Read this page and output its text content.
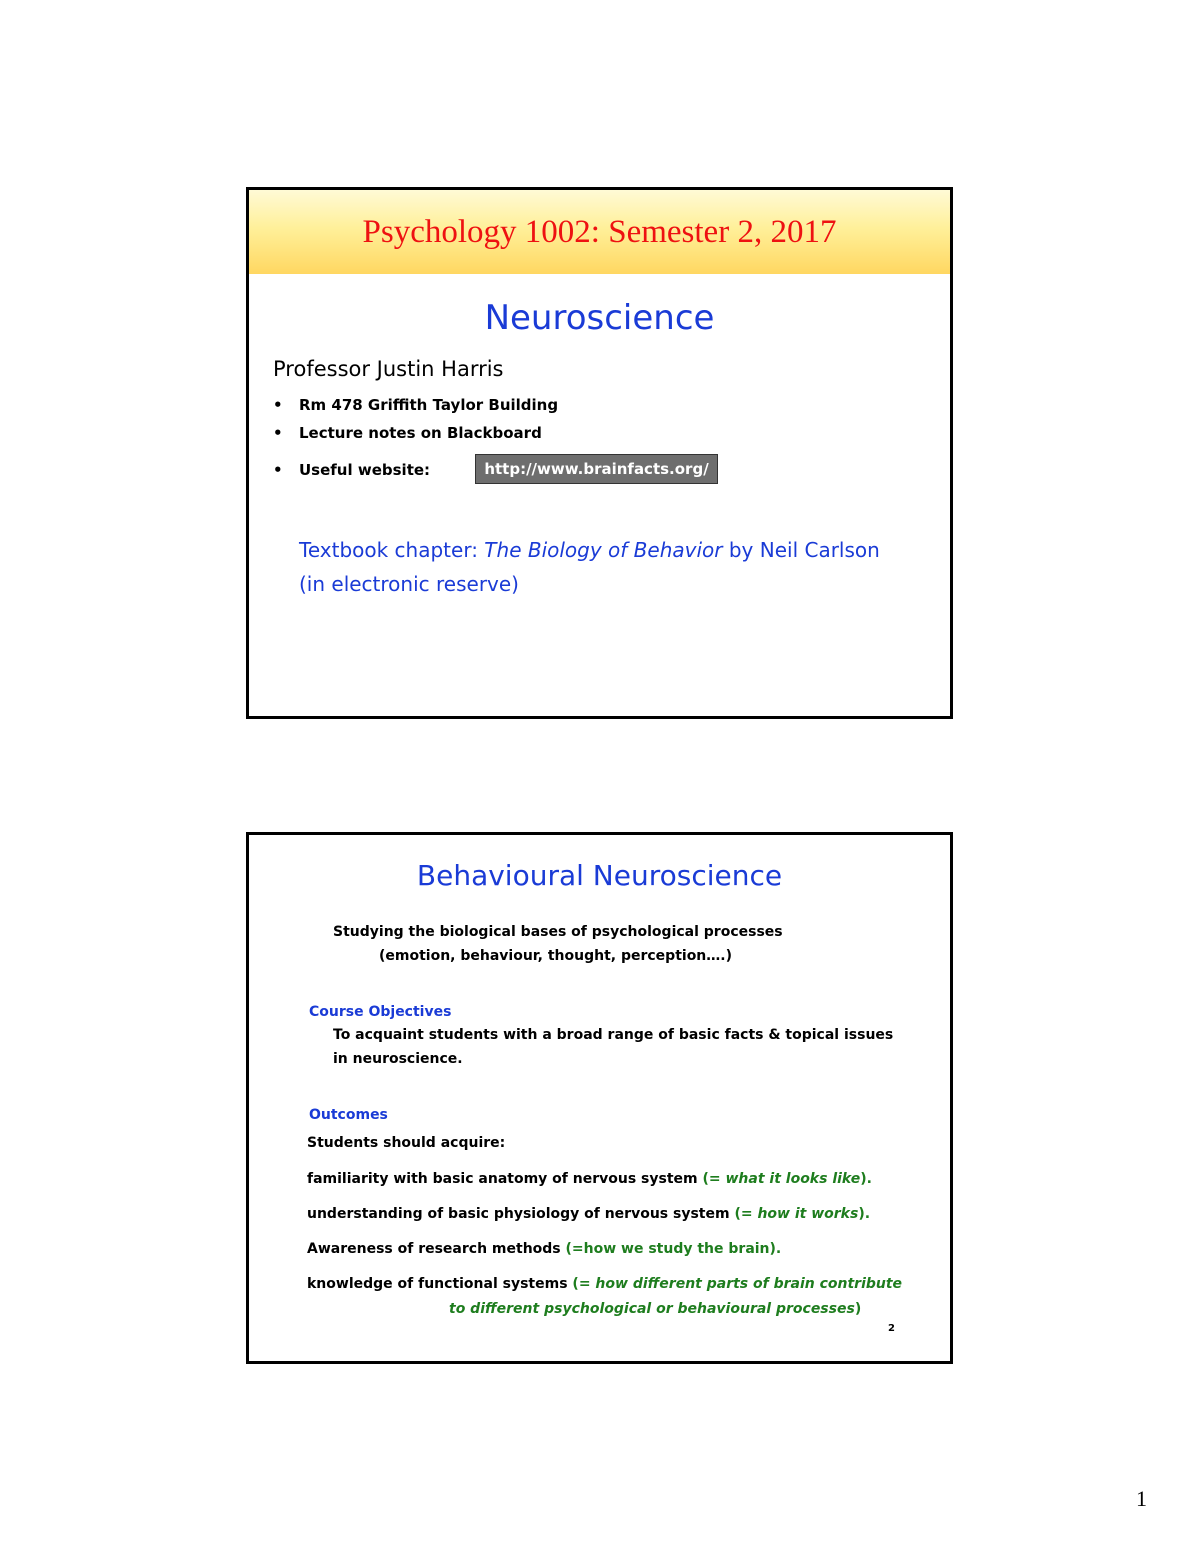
Psychology 1002: Semester 2, 2017
Neuroscience
Professor Justin Harris
• Rm 478 Griffith Taylor Building
• Lecture notes on Blackboard
• Useful website:	http://www.brainfacts.org/
Textbook chapter: The Biology of Behavior by Neil Carlson
(in electronic reserve)
Behavioural Neuroscience
Studying the biological bases of psychological processes
(emotion, behaviour, thought, perception….)
Course Objectives
To acquaint students with a broad range of basic facts & topical issues
in neuroscience.
Outcomes
Students should acquire:
familiarity with basic anatomy of nervous system (= what it looks like).
understanding of basic physiology of nervous system (= how it works).
Awareness of research methods (=how we study the brain).
knowledge of functional systems (= how different parts of brain contribute
to different psychological or behavioural processes)
2
1
